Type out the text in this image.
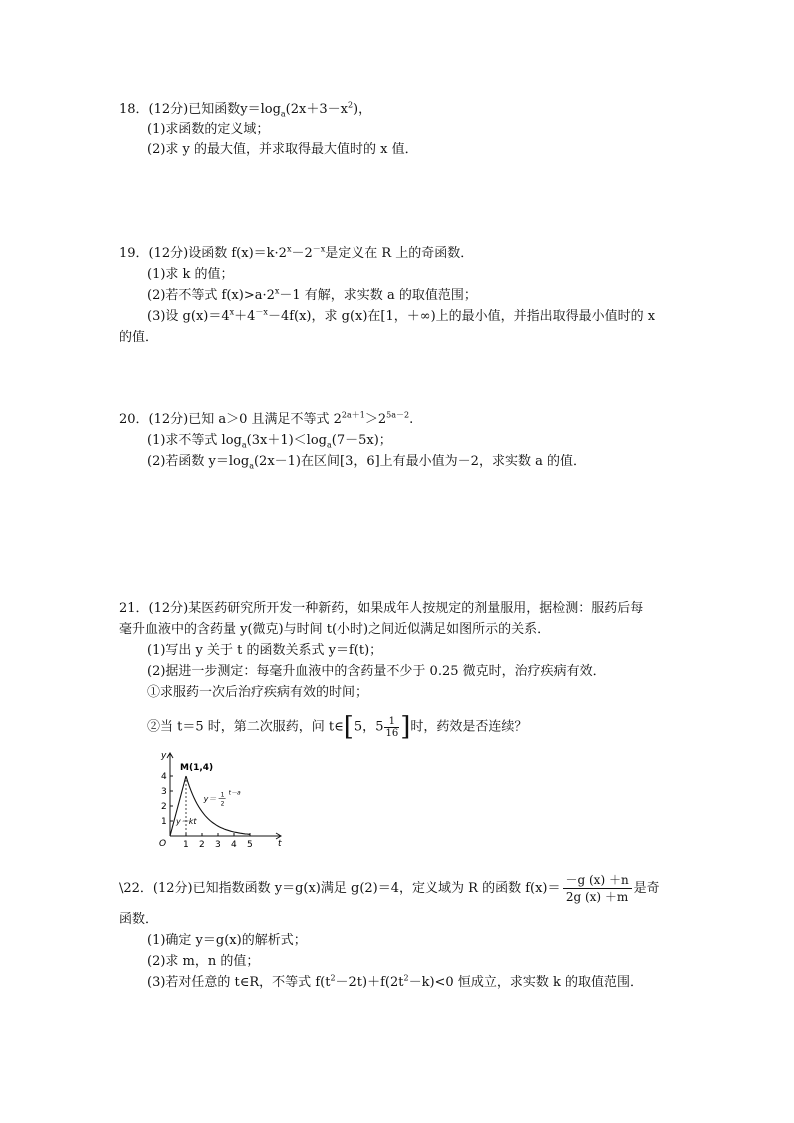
18．(12分)已知函数$y=\log_a(2x+3-x^2)$，
(1)求函数的定义域；
(2)求 y 的最大值，并求取得最大值时的 x 值．
19．(12分)设函数 $f(x)=k\cdot 2^x-2^{-x}$是定义在 R 上的奇函数．
(1)求 k 的值；
(2)若不等式 $f(x)>a\cdot 2^x-1$ 有解，求实数 a 的取值范围；
(3)设 $g(x)=4^x+4^{-x}-4f(x)$，求 g(x)在[1，＋∞)上的最小值，并指出取得最小值时的 x
的值．
20．(12分)已知 a＞0 且满足不等式 $2^{2a+1}>2^{5a-2}$.
(1)求不等式 $\log_a(3x+1)<\log_a(7-5x)$；
(2)若函数 $y=\log_a(2x-1)$在区间[3，6]上有最小值为－2，求实数 a 的值．
21．(12分)某医药研究所开发一种新药，如果成年人按规定的剂量服用，据检测：服药后每
毫升血液中的含药量 y(微克)与时间 t(小时)之间近似满足如图所示的关系．
(1)写出 y 关于 t 的函数关系式 y＝f(t)；
(2)据进一步测定：每毫升血液中的含药量不少于 0.25 微克时，治疗疾病有效．
①求服药一次后治疗疾病有效的时间；
②当 t＝5 时，第二次服药，问 t∈[5，$5 \frac{1}{16}$ ]时，药效是否连续？
y
t
O
1
2
3
4
1 2 3 4 5
M(1,4)
y＝kt
y＝ 1
2
t－a
\22．(12分)已知指数函数 y＝g(x)满足 g(2)＝4，定义域为 R 的函数 $f(x)= \frac{-g (x) +n}{2g (x) +m}$ 是奇
函数．
(1)确定 y＝g(x)的解析式；
(2)求 m，n 的值；
(3)若对任意的 t∈R，不等式 $f(t^2-2t)+f(2t^2-k)<0$ 恒成立，求实数 k 的取值范围．
